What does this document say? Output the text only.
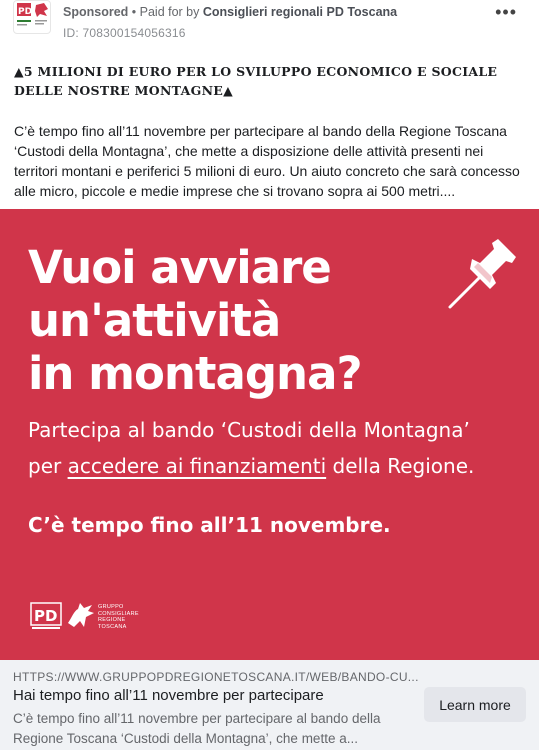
PD Sponsored • Paid for by Consiglieri regionali PD Toscana
ID: 708300154056316
•••
▲5 MILIONI DI EURO PER LO SVILUPPO ECONOMICO E SOCIALE DELLE NOSTRE MONTAGNE▲
C’è tempo fino all’11 novembre per partecipare al bando della Regione Toscana ‘Custodi della Montagna’, che mette a disposizione delle attività presenti nei territori montani e periferici 5 milioni di euro. Un aiuto concreto che sarà concesso alle micro, piccole e medie imprese che si trovano sopra ai 500 metri....
Vuoi avviare
un'attività
in montagna?
Partecipa al bando ‘Custodi della Montagna’
per accedere ai finanziamenti della Regione.
C’è tempo fino all’11 novembre.
PD	GRUPPO
CONSIGLIARE
REGIONE
TOSCANA
HTTPS://WWW.GRUPPOPDREGIONETOSCANA.IT/WEB/BANDO-CU...
Hai tempo fino all’11 novembre per partecipare
C’è tempo fino all’11 novembre per partecipare al bando della Regione Toscana ‘Custodi della Montagna’, che mette a...
Learn more
